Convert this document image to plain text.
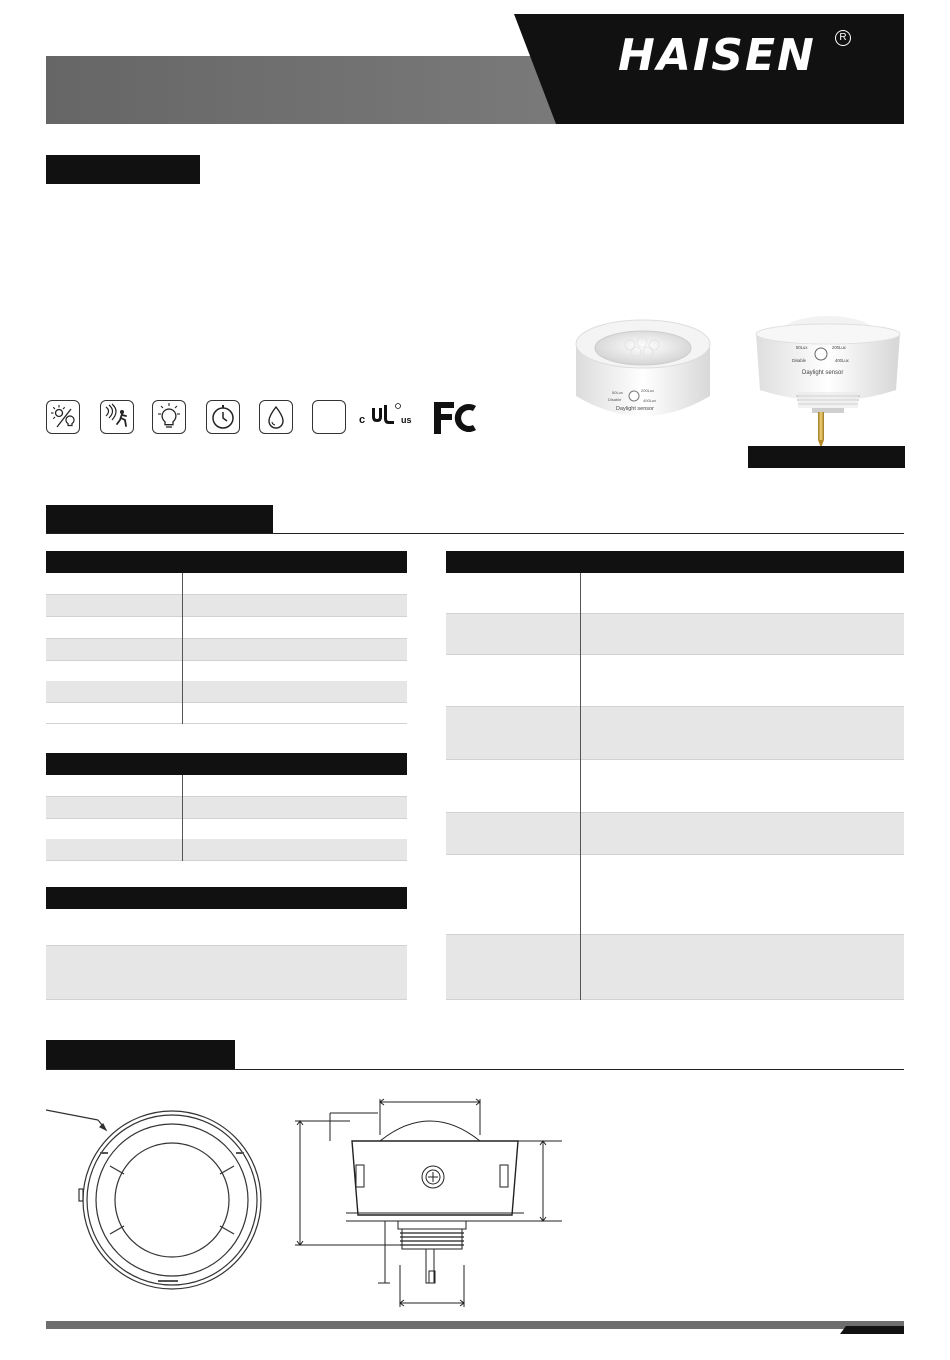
HAISEN	R
c	us
50Lux	200Lux
Disable	400Lux
Daylight sensor
50Lux	200Lux
Disable	400Lux
Daylight sensor
